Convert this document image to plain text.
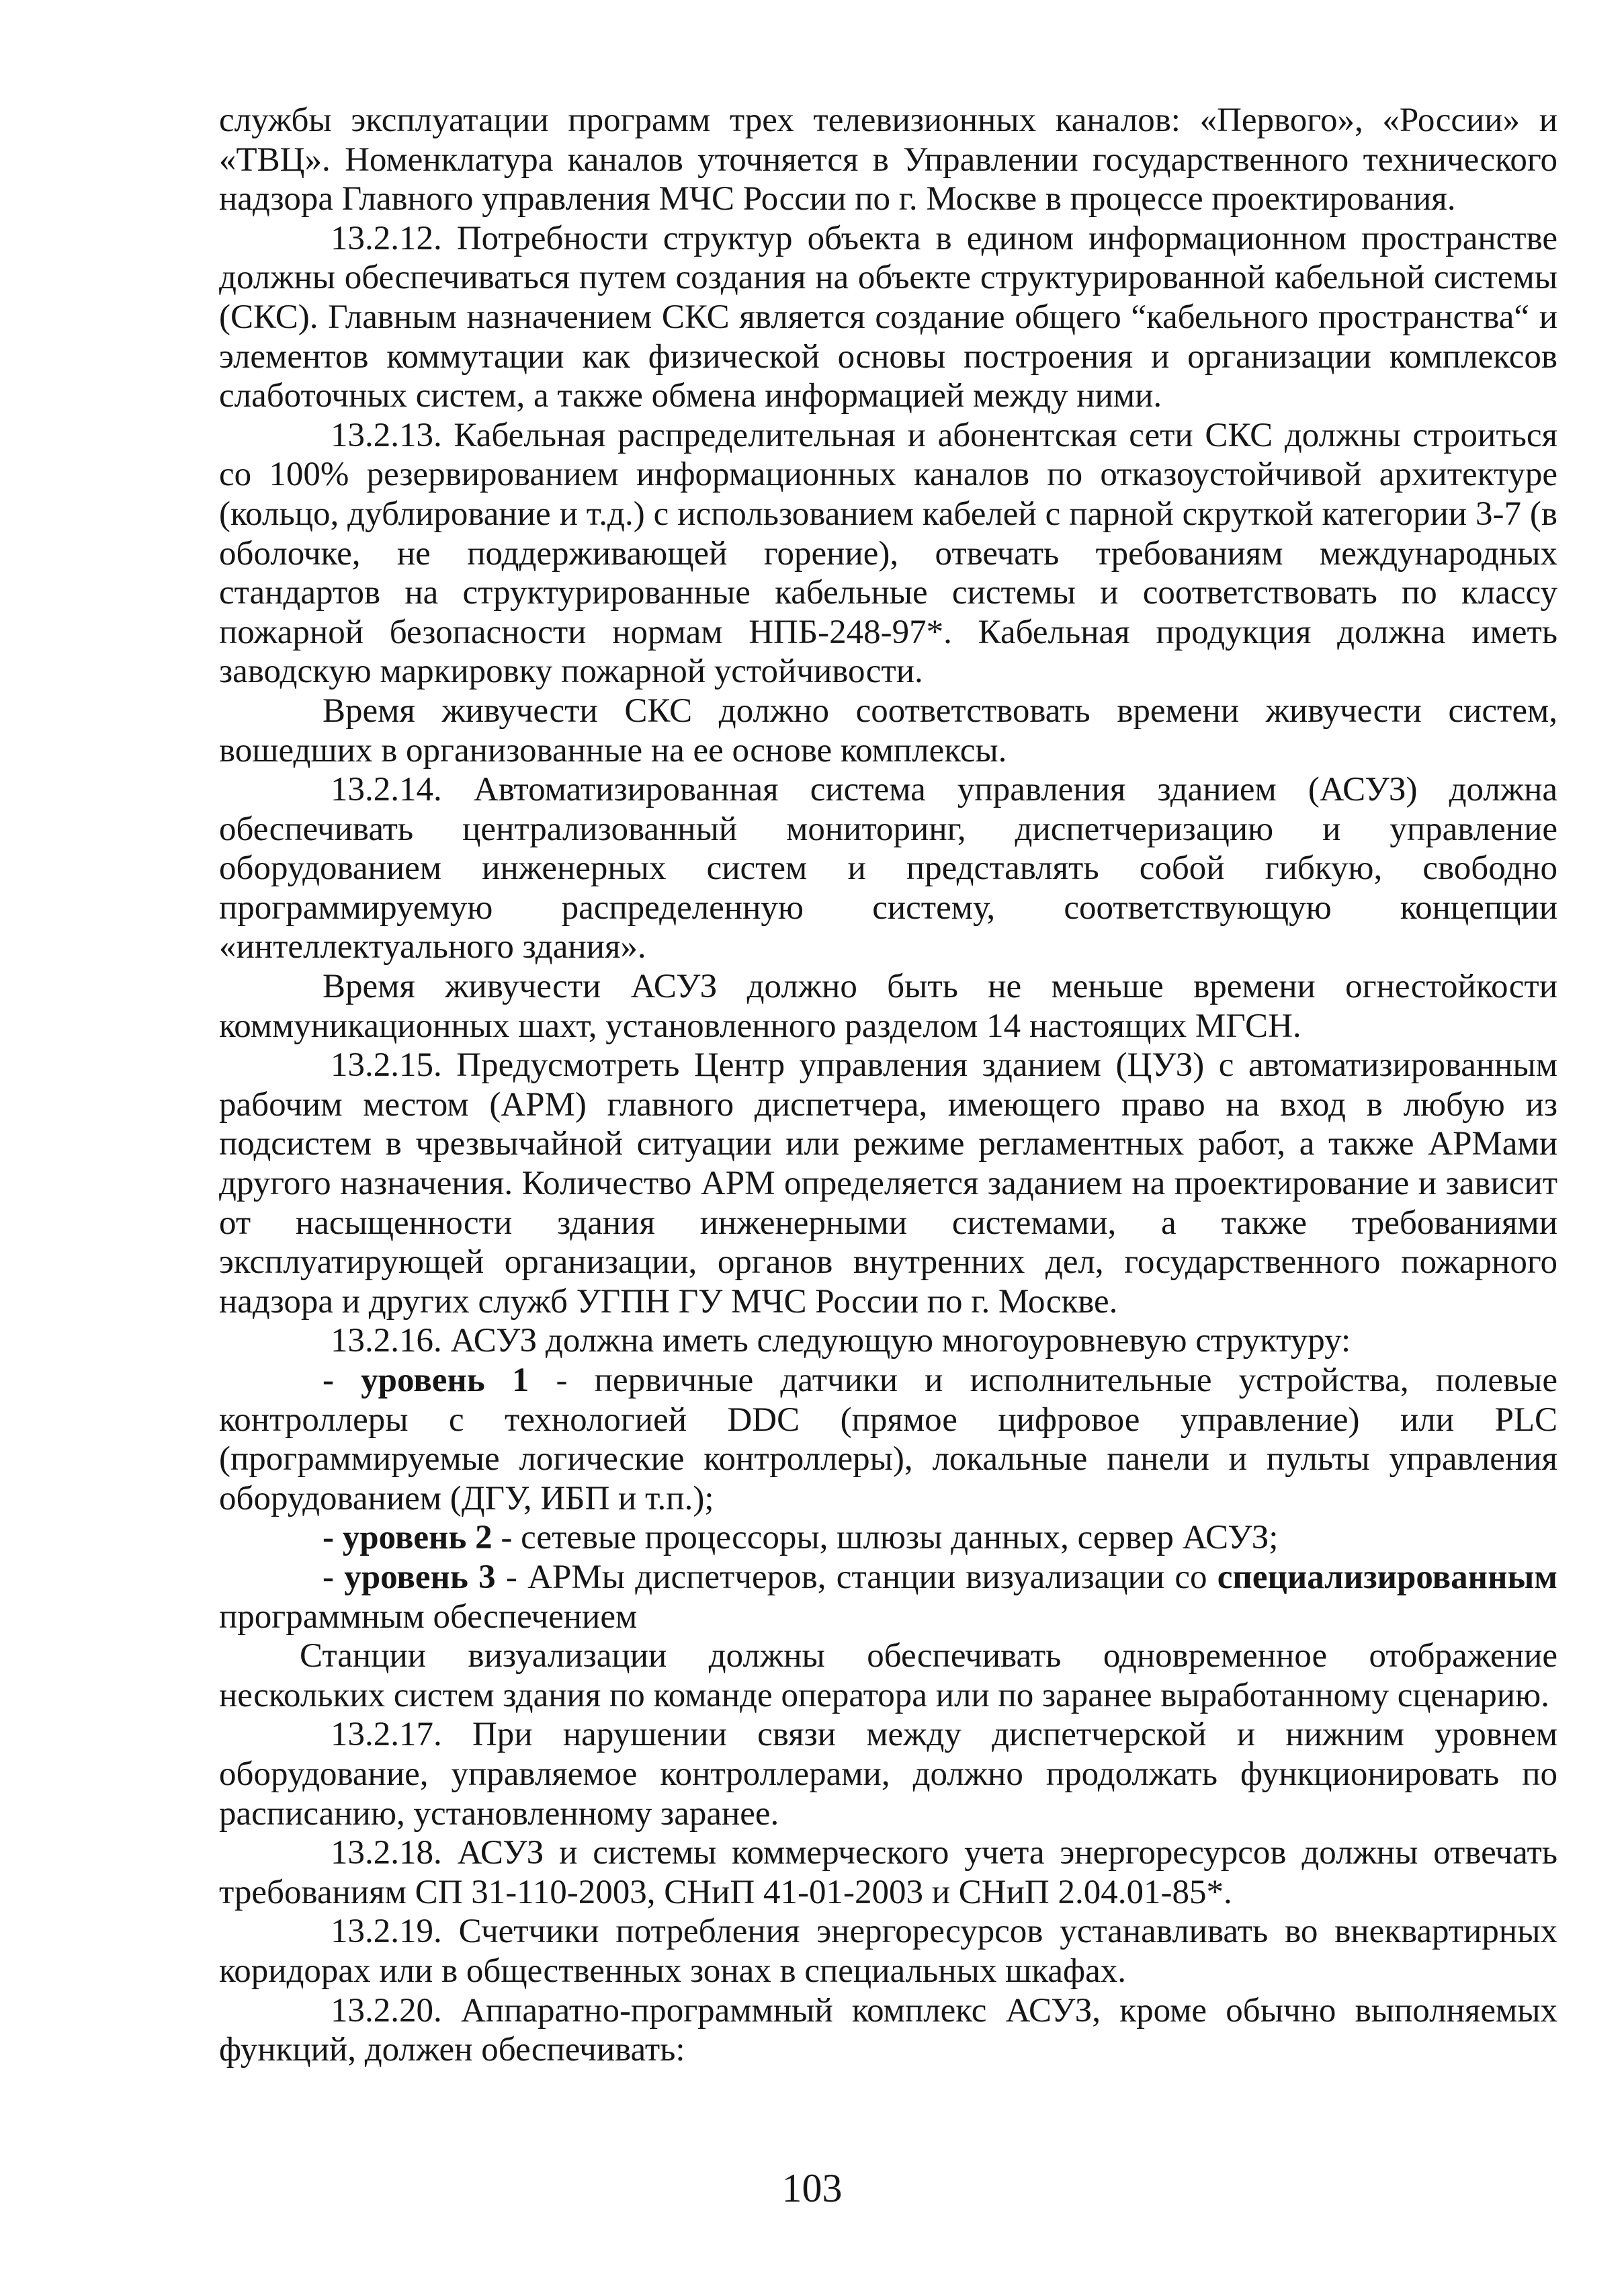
службы эксплуатации программ трех телевизионных каналов: «Первого», «России» и «ТВЦ». Номенклатура каналов уточняется в Управлении государственного технического надзора Главного управления МЧС России по г. Москве в процессе проектирования.

13.2.12. Потребности структур объекта в едином информационном пространстве должны обеспечиваться путем создания на объекте структурированной кабельной системы (СКС). Главным назначением СКС является создание общего “кабельного пространства“ и элементов коммутации как физической основы построения и организации комплексов слаботочных систем, а также обмена информацией между ними.

13.2.13. Кабельная распределительная и абонентская сети СКС должны строиться со 100% резервированием информационных каналов по отказоустойчивой архитектуре (кольцо, дублирование и т.д.) с использованием кабелей с парной скруткой категории 3-7 (в оболочке, не поддерживающей горение), отвечать требованиям международных стандартов на структурированные кабельные системы и соответствовать по классу пожарной безопасности нормам НПБ-248-97*. Кабельная продукция должна иметь заводскую маркировку пожарной устойчивости.

Время живучести СКС должно соответствовать времени живучести систем, вошедших в организованные на ее основе комплексы.

13.2.14. Автоматизированная система управления зданием (АСУЗ) должна обеспечивать централизованный мониторинг, диспетчеризацию и управление оборудованием инженерных систем и представлять собой гибкую, свободно программируемую распределенную систему, соответствующую концепции «интеллектуального здания».

Время живучести АСУЗ должно быть не меньше времени огнестойкости коммуникационных шахт, установленного разделом 14 настоящих МГСН.

13.2.15. Предусмотреть Центр управления зданием (ЦУЗ) с автоматизированным рабочим местом (АРМ) главного диспетчера, имеющего право на вход в любую из подсистем в чрезвычайной ситуации или режиме регламентных работ, а также АРМами другого назначения. Количество АРМ определяется заданием на проектирование и зависит от насыщенности здания инженерными системами, а также требованиями эксплуатирующей организации, органов внутренних дел, государственного пожарного надзора и других служб УГПН ГУ МЧС России по г. Москве.

13.2.16. АСУЗ должна иметь следующую многоуровневую структуру:

- уровень 1 - первичные датчики и исполнительные устройства, полевые контроллеры с технологией DDC (прямое цифровое управление) или PLC (программируемые логические контроллеры), локальные панели и пульты управления оборудованием (ДГУ, ИБП и т.п.);

- уровень 2 - сетевые процессоры, шлюзы данных, сервер АСУЗ;

- уровень 3 - АРМы диспетчеров, станции визуализации со специализированным программным обеспечением

Станции визуализации должны обеспечивать одновременное отображение нескольких систем здания по команде оператора или по заранее выработанному сценарию.

13.2.17. При нарушении связи между диспетчерской и нижним уровнем оборудование, управляемое контроллерами, должно продолжать функционировать по расписанию, установленному заранее.

13.2.18. АСУЗ и системы коммерческого учета энергоресурсов должны отвечать требованиям СП 31-110-2003, СНиП 41-01-2003 и СНиП 2.04.01-85*.

13.2.19. Счетчики потребления энергоресурсов устанавливать во внеквартирных коридорах или в общественных зонах в специальных шкафах.

13.2.20. Аппаратно-программный комплекс АСУЗ, кроме обычно выполняемых функций, должен обеспечивать:

103
